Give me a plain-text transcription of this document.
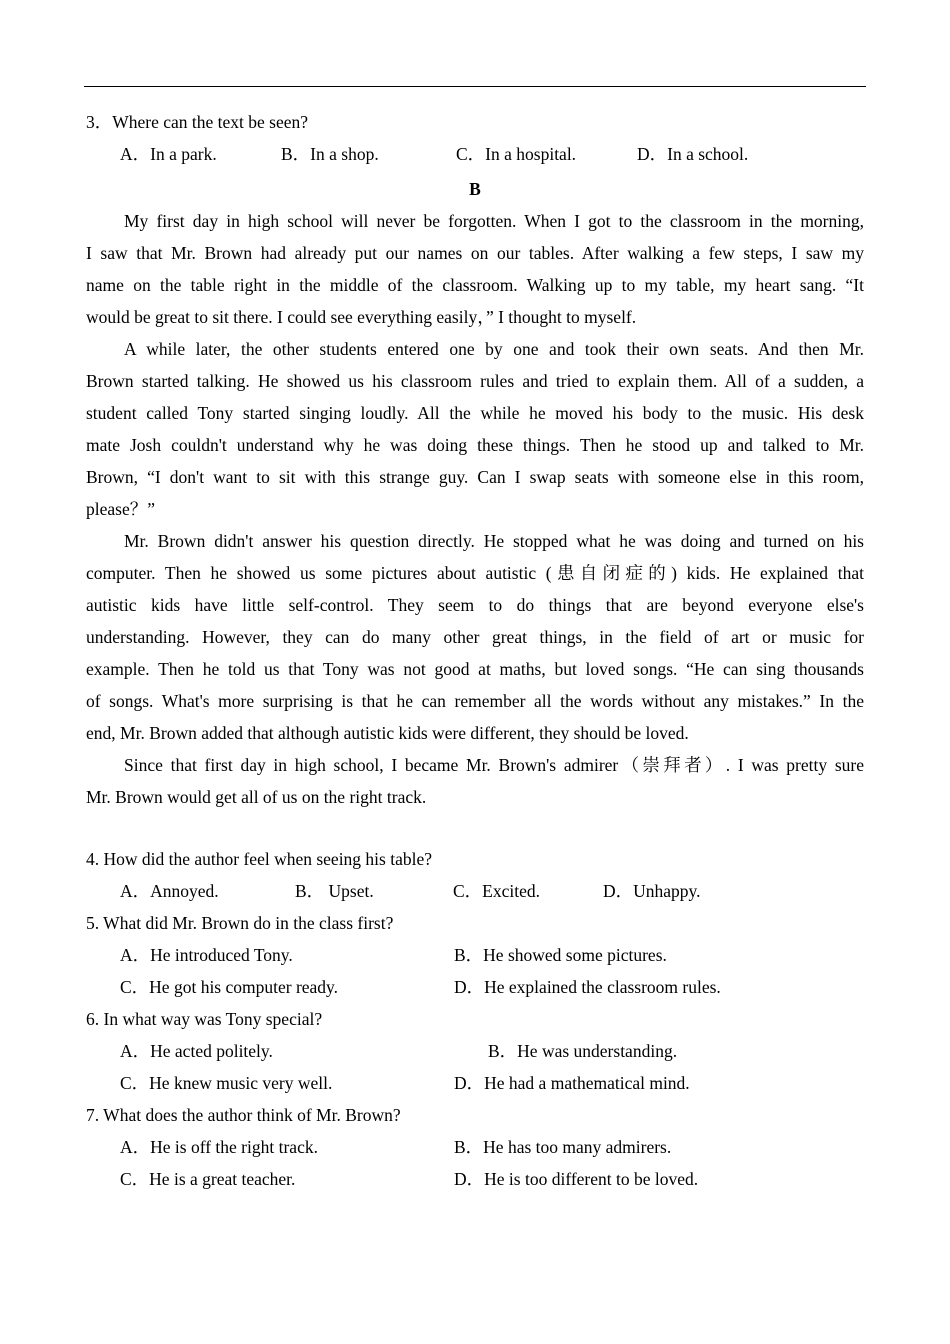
3．Where can the text be seen?
A．In a park.	B．In a shop.	C．In a hospital.	D．In a school.
B
My first day in high school will never be forgotten. When I got to the classroom in the morning,
I saw that Mr. Brown had already put our names on our tables. After walking a few steps, I saw my
name on the table right in the middle of the classroom. Walking up to my table, my heart sang. “It
would be great to sit there. I could see everything easily，” I thought to myself.
A while later, the other students entered one by one and took their own seats. And then Mr.
Brown started talking. He showed us his classroom rules and tried to explain them. All of a sudden, a
student called Tony started singing loudly. All the while he moved his body to the music. His desk
mate Josh couldn't understand why he was doing these things. Then he stood up and talked to Mr.
Brown, “I don't want to sit with this strange guy. Can I swap seats with someone else in this room,
please？”
Mr. Brown didn't answer his question directly. He stopped what he was doing and turned on his
computer. Then he showed us some pictures about autistic (患自闭症的) kids. He explained that
autistic kids have little self-control. They seem to do things that are beyond everyone else's
understanding. However, they can do many other great things, in the field of art or music for
example. Then he told us that Tony was not good at maths, but loved songs. “He can sing thousands
of songs. What's more surprising is that he can remember all the words without any mistakes.” In the
end, Mr. Brown added that although autistic kids were different, they should be loved.
Since that first day in high school, I became Mr. Brown's admirer（崇拜者）. I was pretty sure
Mr. Brown would get all of us on the right track.
4. How did the author feel when seeing his table?
A．Annoyed.	B． Upset.	C．Excited.	D．Unhappy.
5. What did Mr. Brown do in the class first?
A．He introduced Tony.	B．He showed some pictures.
C．He got his computer ready.	D．He explained the classroom rules.
6. In what way was Tony special?
A．He acted politely.	B．He was understanding.
C．He knew music very well.	D．He had a mathematical mind.
7. What does the author think of Mr. Brown?
A．He is off the right track.	B．He has too many admirers.
C．He is a great teacher.	D．He is too different to be loved.
